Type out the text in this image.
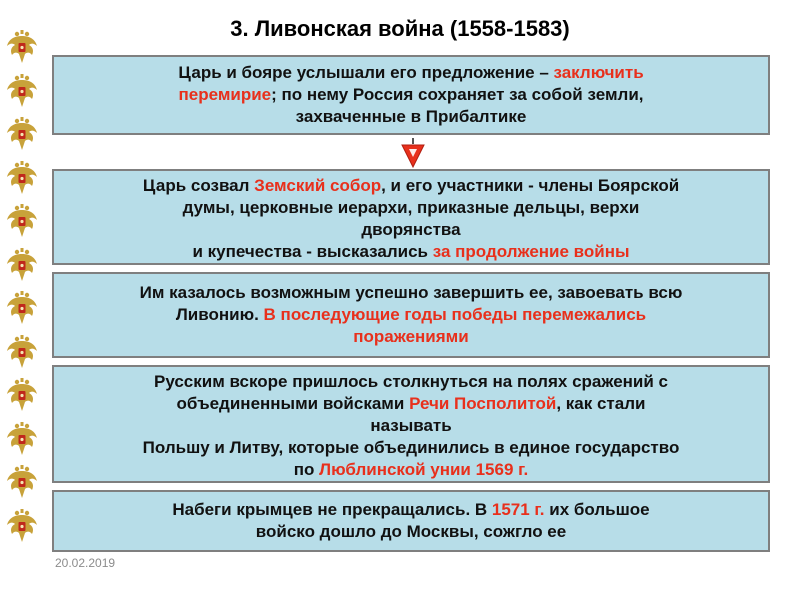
3. Ливонская война (1558-1583)
Царь и бояре услышали его предложение – заключить
перемирие; по нему Россия сохраняет за собой земли,
захваченные в Прибалтике
Царь созвал Земский собор, и его участники - члены Боярской
думы, церковные иерархи, приказные дельцы, верхи
дворянства
и купечества - высказались за продолжение войны
Им казалось возможным успешно завершить ее, завоевать всю
Ливонию. В последующие годы победы перемежались
поражениями
Русским вскоре пришлось столкнуться на полях сражений с
объединенными войсками Речи Посполитой, как стали
называть
Польшу и Литву, которые объединились в единое государство
по Люблинской унии 1569 г.
Набеги крымцев не прекращались. В 1571 г. их большое
войско дошло до Москвы, сожгло ее
20.02.2019
